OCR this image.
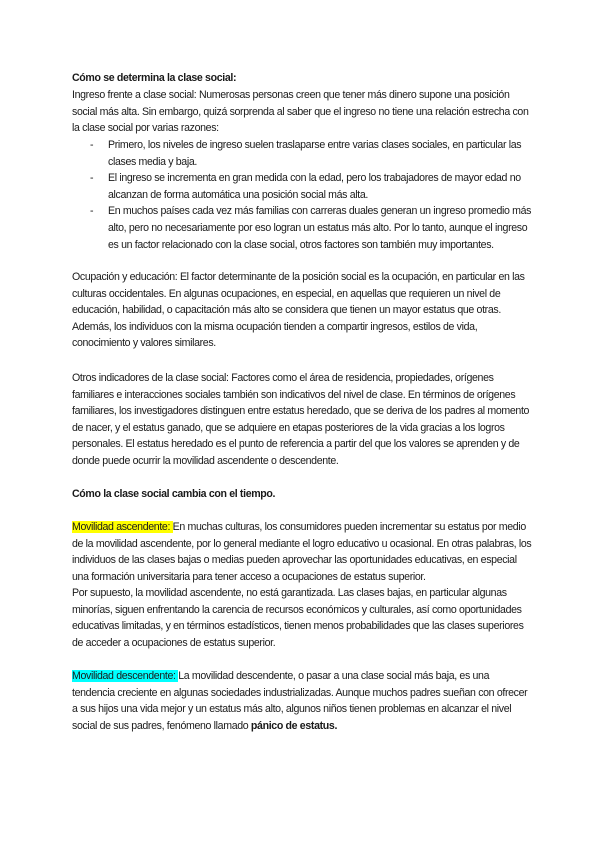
Cómo se determina la clase social:
Ingreso frente a clase social: Numerosas personas creen que tener más dinero supone una posición social más alta. Sin embargo, quizá sorprenda al saber que el ingreso no tiene una relación estrecha con la clase social por varias razones:
- Primero, los niveles de ingreso suelen traslaparse entre varias clases sociales, en particular las clases media y baja.
- El ingreso se incrementa en gran medida con la edad, pero los trabajadores de mayor edad no alcanzan de forma automática una posición social más alta.
- En muchos países cada vez más familias con carreras duales generan un ingreso promedio más alto, pero no necesariamente por eso logran un estatus más alto. Por lo tanto, aunque el ingreso es un factor relacionado con la clase social, otros factores son también muy importantes.
Ocupación y educación: El factor determinante de la posición social es la ocupación, en particular en las culturas occidentales. En algunas ocupaciones, en especial, en aquellas que requieren un nivel de educación, habilidad, o capacitación más alto se considera que tienen un mayor estatus que otras. Además, los individuos con la misma ocupación tienden a compartir ingresos, estilos de vida, conocimiento y valores similares.
Otros indicadores de la clase social: Factores como el área de residencia, propiedades, orígenes familiares e interacciones sociales también son indicativos del nivel de clase. En términos de orígenes familiares, los investigadores distinguen entre estatus heredado, que se deriva de los padres al momento de nacer, y el estatus ganado, que se adquiere en etapas posteriores de la vida gracias a los logros personales. El estatus heredado es el punto de referencia a partir del que los valores se aprenden y de donde puede ocurrir la movilidad ascendente o descendente.
Cómo la clase social cambia con el tiempo.
Movilidad ascendente: En muchas culturas, los consumidores pueden incrementar su estatus por medio de la movilidad ascendente, por lo general mediante el logro educativo u ocasional. En otras palabras, los individuos de las clases bajas o medias pueden aprovechar las oportunidades educativas, en especial una formación universitaria para tener acceso a ocupaciones de estatus superior.
Por supuesto, la movilidad ascendente, no está garantizada. Las clases bajas, en particular algunas minorías, siguen enfrentando la carencia de recursos económicos y culturales, así como oportunidades educativas limitadas, y en términos estadísticos, tienen menos probabilidades que las clases superiores de acceder a ocupaciones de estatus superior.
Movilidad descendente: La movilidad descendente, o pasar a una clase social más baja, es una tendencia creciente en algunas sociedades industrializadas. Aunque muchos padres sueñan con ofrecer a sus hijos una vida mejor y un estatus más alto, algunos niños tienen problemas en alcanzar el nivel social de sus padres, fenómeno llamado pánico de estatus.
